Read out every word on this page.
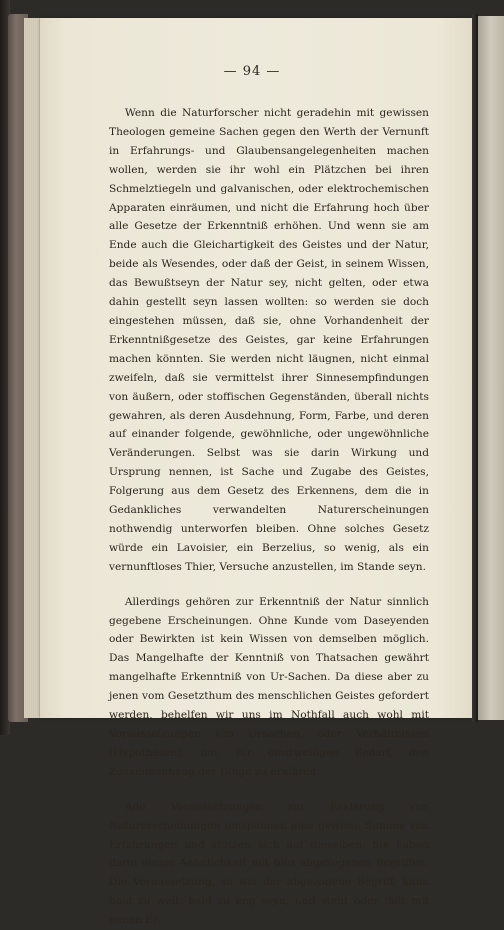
— 94 —

Wenn die Naturforscher nicht geradehin mit gewissen Theologen gemeine Sachen gegen den Werth der Vernunft in Erfahrungs- und Glaubensangelegenheiten machen wollen, werden sie ihr wohl ein Plätzchen bei ihren Schmelztiegeln und galvanischen, oder elektrochemischen Apparaten einräumen, und nicht die Erfahrung hoch über alle Gesetze der Erkenntniß erhöhen. Und wenn sie am Ende auch die Gleichartigkeit des Geistes und der Natur, beide als Wesendes, oder daß der Geist, in seinem Wissen, das Bewußtseyn der Natur sey, nicht gelten, oder etwa dahin gestellt seyn lassen wollten: so werden sie doch eingestehen müssen, daß sie, ohne Vorhandenheit der Erkenntnißgesetze des Geistes, gar keine Erfahrungen machen könnten. Sie werden nicht läugnen, nicht einmal zweifeln, daß sie vermittelst ihrer Sinnesempfindungen von äußern, oder stoffischen Gegenständen, überall nichts gewahren, als deren Ausdehnung, Form, Farbe, und deren auf einander folgende, gewöhnliche, oder ungewöhnliche Veränderungen. Selbst was sie darin Wirkung und Ursprung nennen, ist Sache und Zugabe des Geistes, Folgerung aus dem Gesetz des Erkennens, dem die in Gedankliches verwandelten Naturerscheinungen nothwendig unterworfen bleiben. Ohne solches Gesetz würde ein Lavoisier, ein Berzelius, so wenig, als ein vernunftloses Thier, Versuche anzustellen, im Stande seyn.

Allerdings gehören zur Erkenntniß der Natur sinnlich gegebene Erscheinungen. Ohne Kunde vom Daseyenden oder Bewirkten ist kein Wissen von demselben möglich. Das Mangelhafte der Kenntniß von Thatsachen gewährt mangelhafte Erkenntniß von Ur-Sachen. Da diese aber zu jenen vom Gesetzthum des menschlichen Geistes gefordert werden, behelfen wir uns im Nothfall auch wohl mit Voraussetzungen von Ursachen, oder Verhältnissen (Hypothesen), um, für einstweiligen Bedarf, den Zusammenhang der Dinge zu erklären.

Alle Voraussetzungen zur Erklärung von Naturerscheinungen umspannen eine gewisse Summe von Erfahrungen und stützen sich auf dieselben. Sie haben darin einige Aehnlichkeit mit blos abgezogenen Begriffen. Die Voraussetzung, so wie der abgezogene Begriff, kann bald zu weit, bald zu eng seyn, und steht oder fällt mit neuen Er-
